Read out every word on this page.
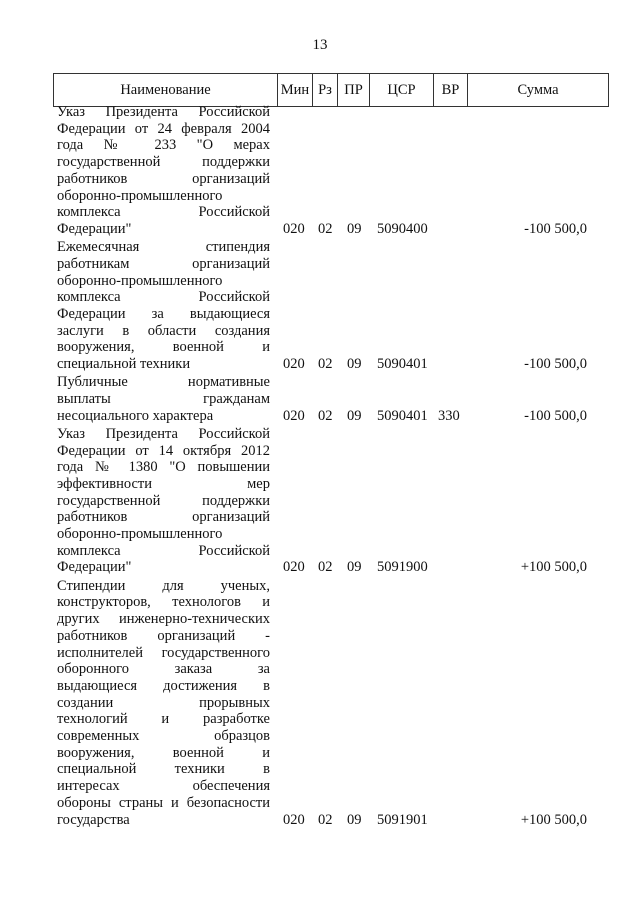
13
Наименование	Мин Рз ПР	ЦСР	ВР	Сумма
Указ Президента Российской
Федерации от 24 февраля 2004
года № 233 "О мерах
государственной поддержки
работников организаций
оборонно-промышленного
комплекса Российской
Федерации"	020 02 09 5090400	-100 500,0
Ежемесячная стипендия
работникам организаций
оборонно-промышленного
комплекса Российской
Федерации за выдающиеся
заслуги в области создания
вооружения, военной и
специальной техники	020 02 09 5090401	-100 500,0
Публичные нормативные
выплаты гражданам
несоциального характера	020 02 09 5090401 330	-100 500,0
Указ Президента Российской
Федерации от 14 октября 2012
года № 1380 "О повышении
эффективности мер
государственной поддержки
работников организаций
оборонно-промышленного
комплекса Российской
Федерации"	020 02 09 5091900	+100 500,0
Стипендии для ученых,
конструкторов, технологов и
других инженерно-технических
работников организаций -
исполнителей государственного
оборонного заказа за
выдающиеся достижения в
создании прорывных
технологий и разработке
современных образцов
вооружения, военной и
специальной техники в
интересах обеспечения
обороны страны и безопасности
государства	020 02 09 5091901	+100 500,0
